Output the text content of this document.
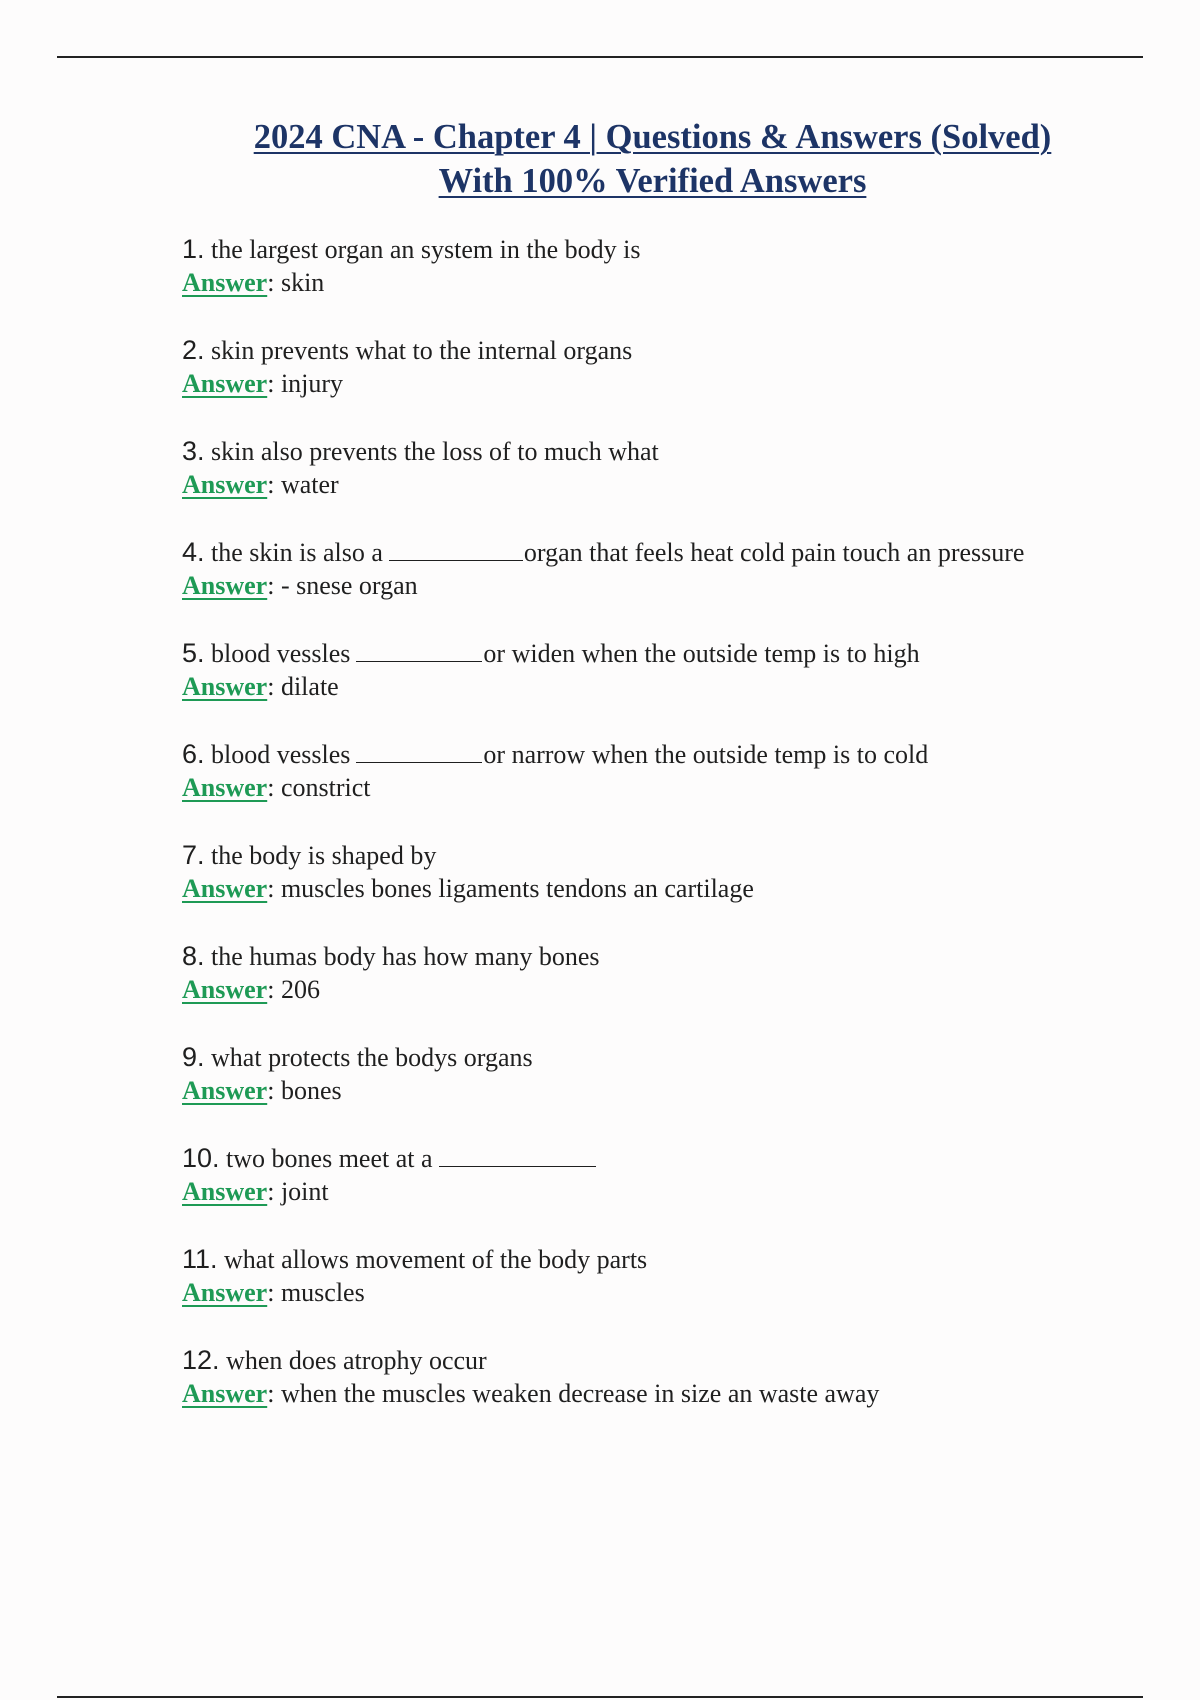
2024 CNA - Chapter 4 | Questions & Answers (Solved)
With 100% Verified Answers
1. the largest organ an system in the body is
Answer: skin
2. skin prevents what to the internal organs
Answer: injury
3. skin also prevents the loss of to much what
Answer: water
4. the skin is also a	organ that feels heat cold pain touch an pressure
Answer: - snese organ
5. blood vessles	or widen when the outside temp is to high
Answer: dilate
6. blood vessles	or narrow when the outside temp is to cold
Answer: constrict
7. the body is shaped by
Answer: muscles bones ligaments tendons an cartilage
8. the humas body has how many bones
Answer: 206
9. what protects the bodys organs
Answer: bones
10. two bones meet at a
Answer: joint
11. what allows movement of the body parts
Answer: muscles
12. when does atrophy occur
Answer: when the muscles weaken decrease in size an waste away
